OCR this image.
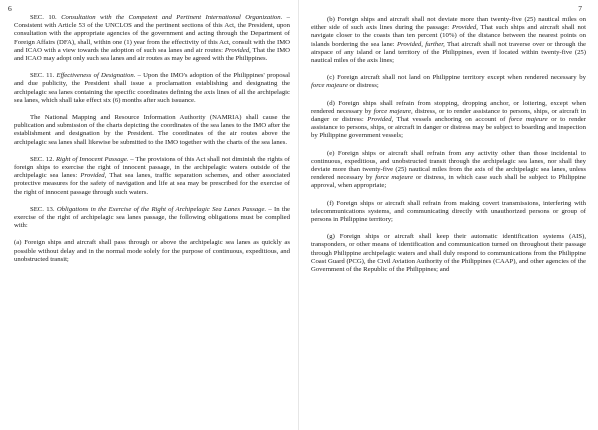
6

SEC. 10. Consultation with the Competent and Pertinent International Organization. – Consistent with Article 53 of the UNCLOS and the pertinent sections of this Act, the President, upon consultation with the appropriate agencies of the government and acting through the Department of Foreign Affairs (DFA), shall, within one (1) year from the effectivity of this Act, consult with the IMO and ICAO with a view towards the adoption of such sea lanes and air routes: Provided, That the IMO and ICAO may adopt only such sea lanes and air routes as may be agreed with the Philippines.

SEC. 11. Effectiveness of Designation. – Upon the IMO's adoption of the Philippines' proposal and due publicity, the President shall issue a proclamation establishing and designating the archipelagic sea lanes containing the specific coordinates defining the axis lines of all the archipelagic sea lanes, which shall take effect six (6) months after such issuance.

The National Mapping and Resource Information Authority (NAMRIA) shall cause the publication and submission of the charts depicting the coordinates of the sea lanes to the IMO after the establishment and designation by the President. The coordinates of the air routes above the archipelagic sea lanes shall likewise be submitted to the IMO together with the charts of the sea lanes.

SEC. 12. Right of Innocent Passage. – The provisions of this Act shall not diminish the rights of foreign ships to exercise the right of innocent passage, in the archipelagic waters outside of the archipelagic sea lanes: Provided, That sea lanes, traffic separation schemes, and other associated protective measures for the safety of navigation and life at sea may be prescribed for the exercise of the right of innocent passage through such waters.

SEC. 13. Obligations in the Exercise of the Right of Archipelagic Sea Lanes Passage. – In the exercise of the right of archipelagic sea lanes passage, the following obligations must be complied with:

(a) Foreign ships and aircraft shall pass through or above the archipelagic sea lanes as quickly as possible without delay and in the normal mode solely for the purpose of continuous, expeditious, and unobstructed transit;

7

(b) Foreign ships and aircraft shall not deviate more than twenty-five (25) nautical miles on either side of such axis lines during the passage: Provided, That such ships and aircraft shall not navigate closer to the coasts than ten percent (10%) of the distance between the nearest points on islands bordering the sea lane: Provided, further, That aircraft shall not traverse over or through the airspace of any island or land territory of the Philippines, even if located within twenty-five (25) nautical miles of the axis lines;

(c) Foreign aircraft shall not land on Philippine territory except when rendered necessary by force majeure or distress;

(d) Foreign ships shall refrain from stopping, dropping anchor, or loitering, except when rendered necessary by force majeure, distress, or to render assistance to persons, ships, or aircraft in danger or distress: Provided, That vessels anchoring on account of force majeure or to render assistance to persons, ships, or aircraft in danger or distress may be subject to boarding and inspection by Philippine government vessels;

(e) Foreign ships or aircraft shall refrain from any activity other than those incidental to continuous, expeditious, and unobstructed transit through the archipelagic sea lanes, nor shall they deviate more than twenty-five (25) nautical miles from the axis of the archipelagic sea lanes, unless rendered necessary by force majeure or distress, in which case such shall be subject to Philippine approval, when appropriate;

(f) Foreign ships or aircraft shall refrain from making covert transmissions, interfering with telecommunications systems, and communicating directly with unauthorized persons or group of persons in Philippine territory;

(g) Foreign ships or aircraft shall keep their automatic identification systems (AIS), transponders, or other means of identification and communication turned on throughout their passage through Philippine archipelagic waters and shall duly respond to communications from the Philippine Coast Guard (PCG), the Civil Aviation Authority of the Philippines (CAAP), and other agencies of the Government of the Republic of the Philippines; and
